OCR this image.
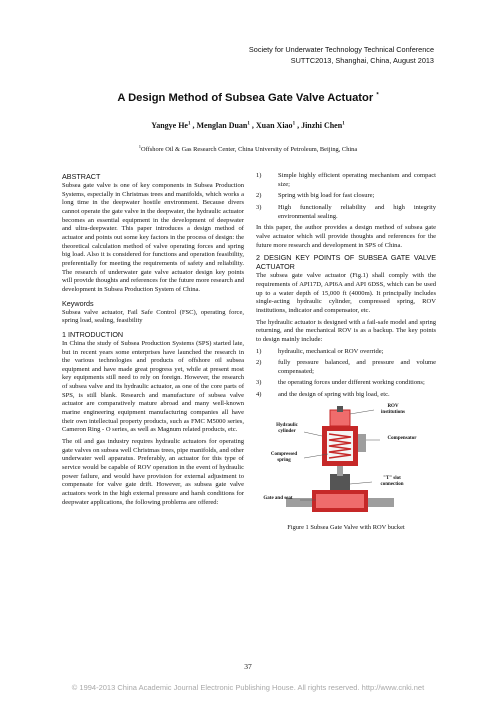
Society for Underwater Technology Technical Conference
SUTTC2013, Shanghai, China, August 2013
A Design Method of Subsea Gate Valve Actuator *
Yangye He$^1$ , Menglan Duan$^1$ , Xuan Xiao$^1$ , Jinzhi Chen$^1$
$^1$Offshore Oil & Gas Research Center, China University of Petroleum, Beijing, China
ABSTRACT

Subsea gate valve is one of key components in Subsea Production Systems, especially in Christmas trees and manifolds, which works a long time in the deepwater hostile environment. Because divers cannot operate the gate valve in the deepwater, the hydraulic actuator becomes an essential equipment in the development of deepwater and ultra-deepwater. This paper introduces a design method of actuator and points out some key factors in the process of design: the theoretical calculation method of valve operating forces and spring big load. Also it is considered for functions and operation feasibility, preferentially for meeting the requirements of safety and reliability. The research of underwater gate valve actuator design key points will provide thoughts and references for the future more research and development in Subsea Production System of China.

Keywords

Subsea valve actuator, Fail Safe Control (FSC), operating force, spring load, sealing, feasibility

1 INTRODUCTION

In China the study of Subsea Production Systems (SPS) started late, but in recent years some enterprises have launched the research in the various technologies and products of offshore oil subsea equipment and have made great progress yet, while at present most key equipments still need to rely on foreign. However, the research of subsea valve and its hydraulic actuator, as one of the core parts of SPS, is still blank. Research and manufacture of subsea valve actuator are comparatively mature abroad and many well-known marine engineering equipment manufacturing companies all have their own intellectual property products, such as FMC M5000 series, Cameron Ring - O series, as well as Magnum related products, etc.

The oil and gas industry requires hydraulic actuators for operating gate valves on subsea well Christmas trees, pipe manifolds, and other underwater well apparatus. Preferably, an actuator for this type of service would be capable of ROV operation in the event of hydraulic power failure, and would have provision for external adjustment to compensate for valve gate drift. However, as subsea gate valve actuators work in the high external pressure and harsh conditions for deepwater applications, the following problems are offered:

1)	Simple highly efficient operating mechanism and compact size;
2)	Spring with big load for fast closure;
3)	High functionally reliability and high integrity environmental sealing.

In this paper, the author provides a design method of subsea gate valve actuator which will provide thoughts and references for the future more research and development in SPS of China.

2 DESIGN KEY POINTS OF SUBSEA GATE VALVE ACTUATOR

The subsea gate valve actuator (Fig.1) shall comply with the requirements of API17D, API6A and API 6DSS, which can be used up to a water depth of 15,000 ft (4000m). It principally includes single-acting hydraulic cylinder, compressed spring, ROV institutions, indicator and compensator, etc.

The hydraulic actuator is designed with a fail-safe model and spring returning, and the mechanical ROV is as a backup. The key points to design mainly include:

1)	hydraulic, mechanical or ROV override;
2)	fully pressure balanced, and pressure and volume compensated;
3)	the operating forces under different working conditions;
4)	and the design of spring with big load, etc.
ROV institutions
Hydraulic cylinder
Compensator
Compressed spring
"T" slot connection
Gate and seat
Figure 1 Subsea Gate Valve with ROV bucket
37
© 1994-2013 China Academic Journal Electronic Publishing House. All rights reserved. http://www.cnki.net
